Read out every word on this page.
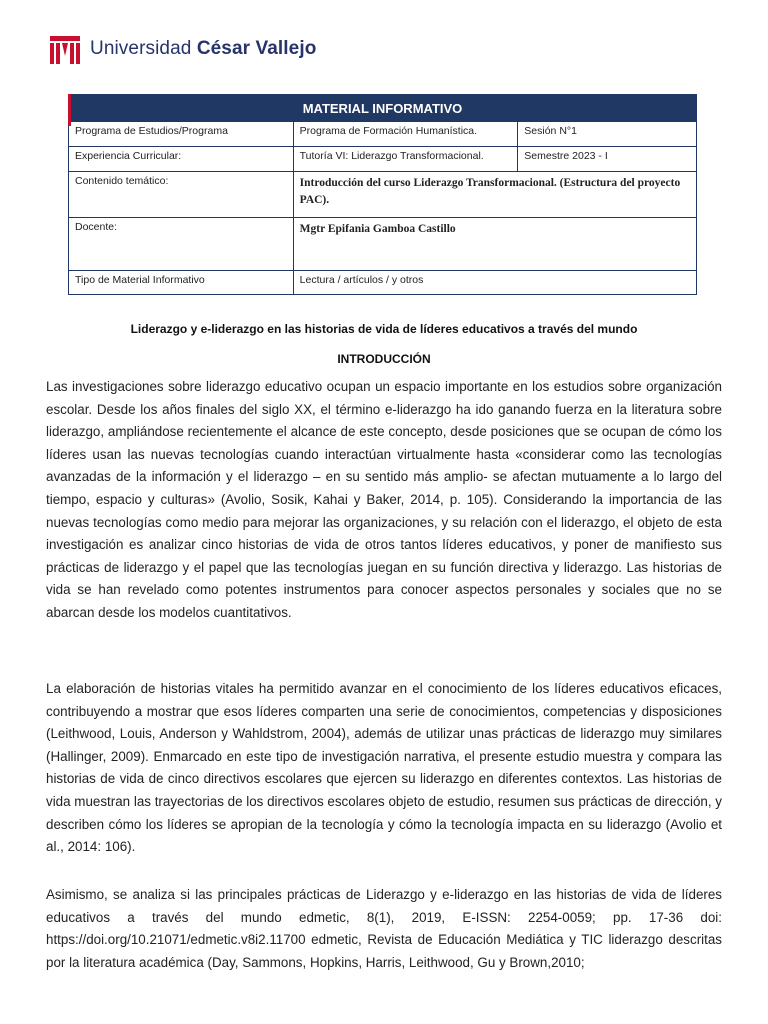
Universidad César Vallejo
MATERIAL INFORMATIVO		
Programa de Estudios/Programa	Programa de Formación Humanística.	Sesión N°1
Experiencia Curricular:	Tutoría VI: Liderazgo Transformacional.	Semestre 2023 - I
Contenido temático:	Introducción del curso Liderazgo Transformacional. (Estructura del proyecto PAC).	
Docente:	Mgtr Epifania Gamboa Castillo	
Tipo de Material Informativo	Lectura / artículos / y otros	
Liderazgo y e-liderazgo en las historias de vida de líderes educativos a través del mundo
INTRODUCCIÓN

Las investigaciones sobre liderazgo educativo ocupan un espacio importante en los estudios sobre organización escolar. Desde los años finales del siglo XX, el término e-liderazgo ha ido ganando fuerza en la literatura sobre liderazgo, ampliándose recientemente el alcance de este concepto, desde posiciones que se ocupan de cómo los líderes usan las nuevas tecnologías cuando interactúan virtualmente hasta «considerar como las tecnologías avanzadas de la información y el liderazgo – en su sentido más amplio- se afectan mutuamente a lo largo del tiempo, espacio y culturas» (Avolio, Sosik, Kahai y Baker, 2014, p. 105). Considerando la importancia de las nuevas tecnologías como medio para mejorar las organizaciones, y su relación con el liderazgo, el objeto de esta investigación es analizar cinco historias de vida de otros tantos líderes educativos, y poner de manifiesto sus prácticas de liderazgo y el papel que las tecnologías juegan en su función directiva y liderazgo. Las historias de vida se han revelado como potentes instrumentos para conocer aspectos personales y sociales que no se abarcan desde los modelos cuantitativos.

La elaboración de historias vitales ha permitido avanzar en el conocimiento de los líderes educativos eficaces, contribuyendo a mostrar que esos líderes comparten una serie de conocimientos, competencias y disposiciones (Leithwood, Louis, Anderson y Wahldstrom, 2004), además de utilizar unas prácticas de liderazgo muy similares (Hallinger, 2009). Enmarcado en este tipo de investigación narrativa, el presente estudio muestra y compara las historias de vida de cinco directivos escolares que ejercen su liderazgo en diferentes contextos. Las historias de vida muestran las trayectorias de los directivos escolares objeto de estudio, resumen sus prácticas de dirección, y describen cómo los líderes se apropian de la tecnología y cómo la tecnología impacta en su liderazgo (Avolio et al., 2014: 106).

Asimismo, se analiza si las principales prácticas de Liderazgo y e-liderazgo en las historias de vida de líderes educativos a través del mundo edmetic, 8(1), 2019, E-ISSN: 2254-0059; pp. 17-36 doi: https://doi.org/10.21071/edmetic.v8i2.11700 edmetic, Revista de Educación Mediática y TIC liderazgo descritas por la literatura académica (Day, Sammons, Hopkins, Harris, Leithwood, Gu y Brown,2010;
